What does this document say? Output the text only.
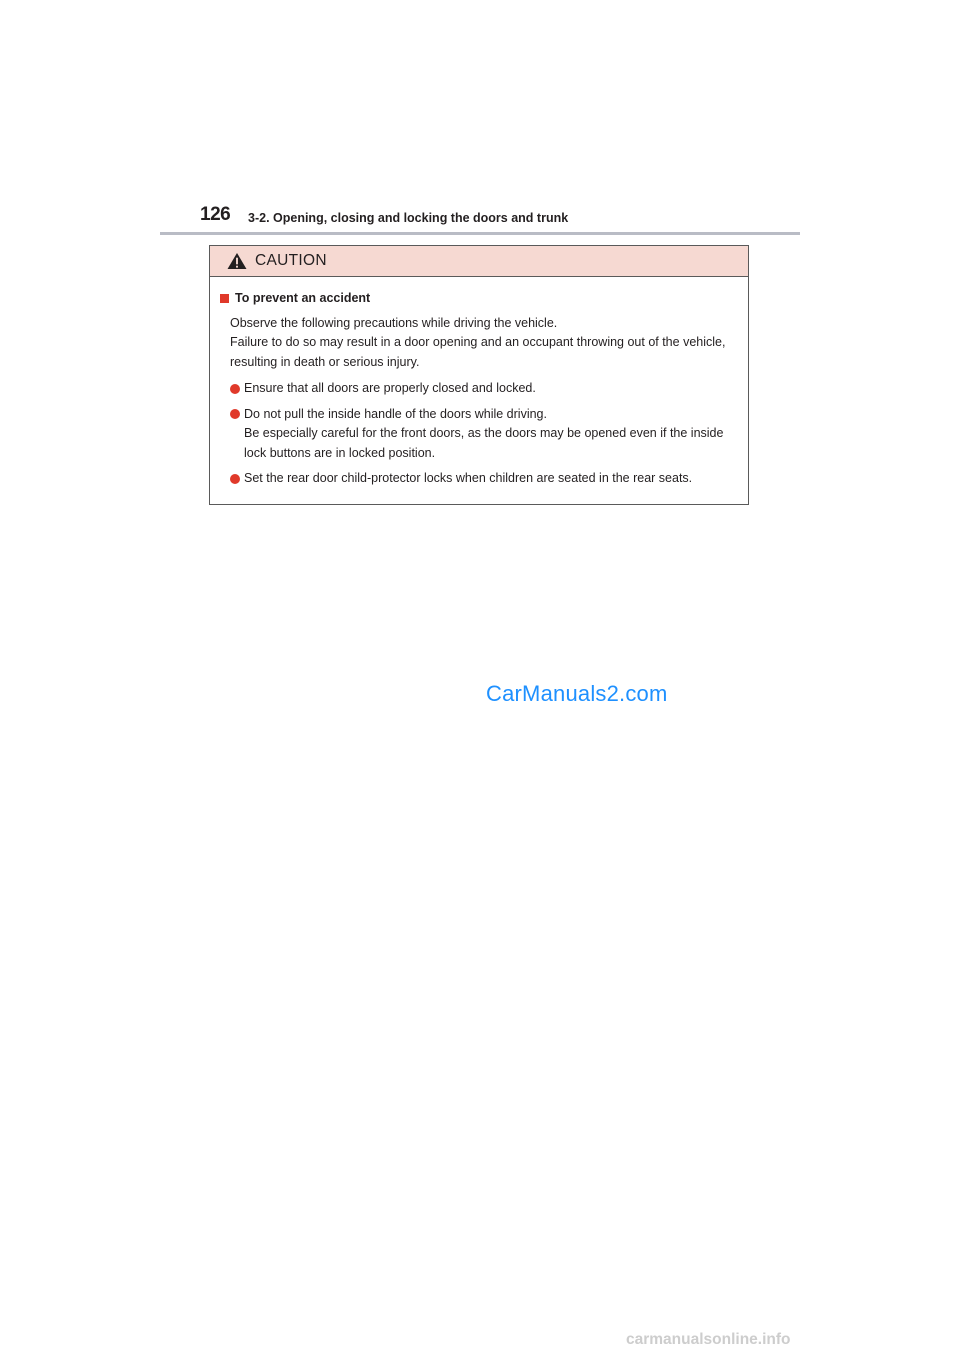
126 3-2. Opening, closing and locking the doors and trunk
CAUTION
To prevent an accident
Observe the following precautions while driving the vehicle.
Failure to do so may result in a door opening and an occupant throwing out of the vehicle, resulting in death or serious injury.
Ensure that all doors are properly closed and locked.
Do not pull the inside handle of the doors while driving.
Be especially careful for the front doors, as the doors may be opened even if the inside lock buttons are in locked position.
Set the rear door child-protector locks when children are seated in the rear seats.
CarManuals2.com
carmanualsonline.info
